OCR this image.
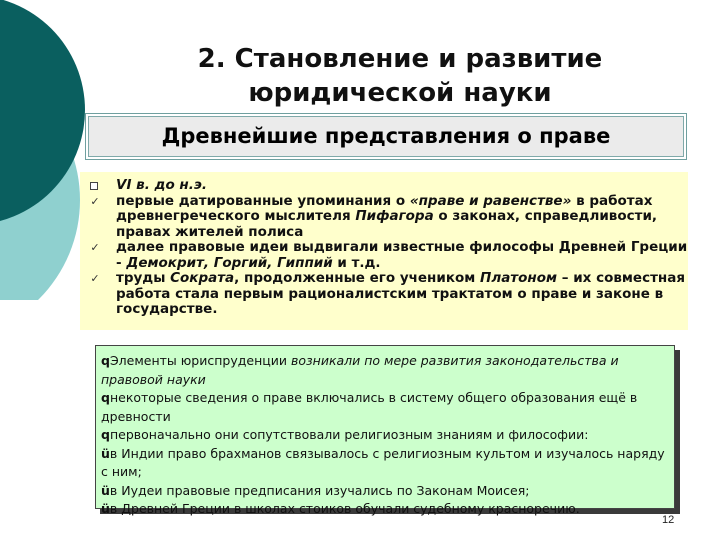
2. Становление и развитие
юридической науки
Древнейшие представления о праве
VI в. до н.э.
✓ первые датированные упоминания о «праве и равенстве» в работах древнегреческого мыслителя Пифагора о законах, справедливости, правах жителей полиса
✓ далее правовые идеи выдвигали известные философы Древней Греции - Демокрит, Горгий, Гиппий и т.д.
✓ труды Сократа, продолженные его учеником Платоном – их совместная работа стала первым рационалистским трактатом о праве и законе в государстве.

qЭлементы юриспруденции возникали по мере развития законодательства и правовой науки

qнекоторые сведения о праве включались в систему общего образования ещё в древности

qпервоначально они сопутствовали религиозным знаниям и философии:

üв Индии право брахманов связывалось с религиозным культом и изучалось наряду с ним;

üв Иудеи правовые предписания изучались по Законам Моисея;

üв Древней Греции в школах стоиков обучали судебному красноречию.

12
